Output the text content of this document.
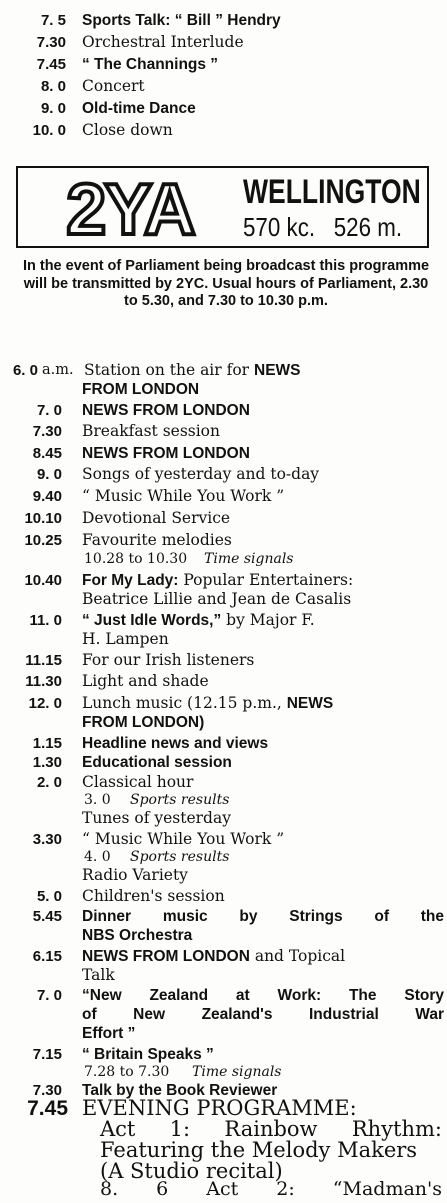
7. 5 Sports Talk: “ Bill ” Hendry
7.30 Orchestral Interlude
7.45 “ The Channings ”
8. 0 Concert
9. 0 Old-time Dance
10. 0 Close down
2YA WELLINGTON
570 kc. 526 m.
In the event of Parliament being broadcast this programme will be transmitted by 2YC. Usual hours of Parliament, 2.30 to 5.30, and 7.30 to 10.30 p.m.
6. 0 a.m. Station on the air for NEWS
FROM LONDON
7. 0 NEWS FROM LONDON
7.30 Breakfast session
8.45 NEWS FROM LONDON
9. 0 Songs of yesterday and to-day
9.40 “ Music While You Work ”
10.10 Devotional Service
10.25 Favourite melodies
10.28 to 10.30 Time signals
10.40 For My Lady: Popular Entertainers:
Beatrice Lillie and Jean de Casalis
11. 0 “ Just Idle Words,” by Major F.
H. Lampen
11.15 For our Irish listeners
11.30 Light and shade
12. 0 Lunch music (12.15 p.m., NEWS
FROM LONDON)
1.15 Headline news and views
1.30 Educational session
2. 0 Classical hour
3. 0 Sports results
Tunes of yesterday
3.30 “ Music While You Work ”
4. 0 Sports results
Radio Variety
5. 0 Children's session
5.45 Dinner music by Strings of the
NBS Orchestra
6.15 NEWS FROM LONDON and Topical
Talk
7. 0 “New Zealand at Work: The Story
of New Zealand's Industrial War
Effort ”
7.15 “ Britain Speaks ”
7.28 to 7.30 Time signals
7.30 Talk by the Book Reviewer
7.45 EVENING PROGRAMME:
Act 1: Rainbow Rhythm:
Featuring the Melody Makers
(A Studio recital)
8. 6 Act 2: “Madman's
